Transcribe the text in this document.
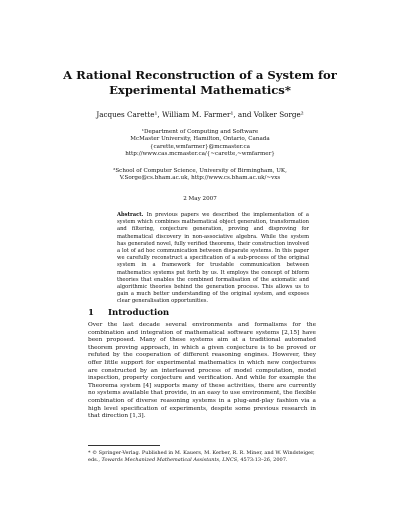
A Rational Reconstruction of a System for
Experimental Mathematics*
Jacques Carette¹, William M. Farmer¹, and Volker Sorge²
¹Department of Computing and Software
McMaster University, Hamilton, Ontario, Canada
{carette,wmfarmer}@mcmaster.ca
http://www.cas.mcmaster.ca/{~carette,~wmfarmer}
²School of Computer Science, University of Birmingham, UK,
V.Sorge@cs.bham.ac.uk, http://www.cs.bham.ac.uk/~vxs
2 May 2007

Abstract. In previous papers we described the implementation of a system which combines mathematical object generation, transformation and filtering, conjecture generation, proving and disproving for mathematical discovery in non-associative algebra. While the system has generated novel, fully verified theorems, their construction involved a lot of ad hoc communication between disparate systems. In this paper we carefully reconstruct a specification of a sub-process of the original system in a framework for trustable communication between mathematics systems put forth by us. It employs the concept of biform theories that enables the combined formalisation of the axiomatic and algorithmic theories behind the generation process. This allows us to gain a much better understanding of the original system, and exposes clear generalisation opportunities.

1 Introduction

Over the last decade several environments and formalisms for the combination and integration of mathematical software systems [2,15] have been proposed. Many of these systems aim at a traditional automated theorem proving approach, in which a given conjecture is to be proved or refuted by the cooperation of different reasoning engines. However, they offer little support for experimental mathematics in which new conjectures are constructed by an interleaved process of model computation, model inspection, property conjecture and verification. And while for example the Theorema system [4] supports many of these activities, there are currently no systems available that provide, in an easy to use environment, the flexible combination of diverse reasoning systems in a plug-and-play fashion via a high level specification of experiments, despite some previous research in that direction [1,3].

* © Springer-Verlag. Published in M. Kauers, M. Kerber, R. R. Miner, and W. Windsteiger, eds., Towards Mechanized Mathematical Assistants, LNCS, 4573:13–26, 2007.
